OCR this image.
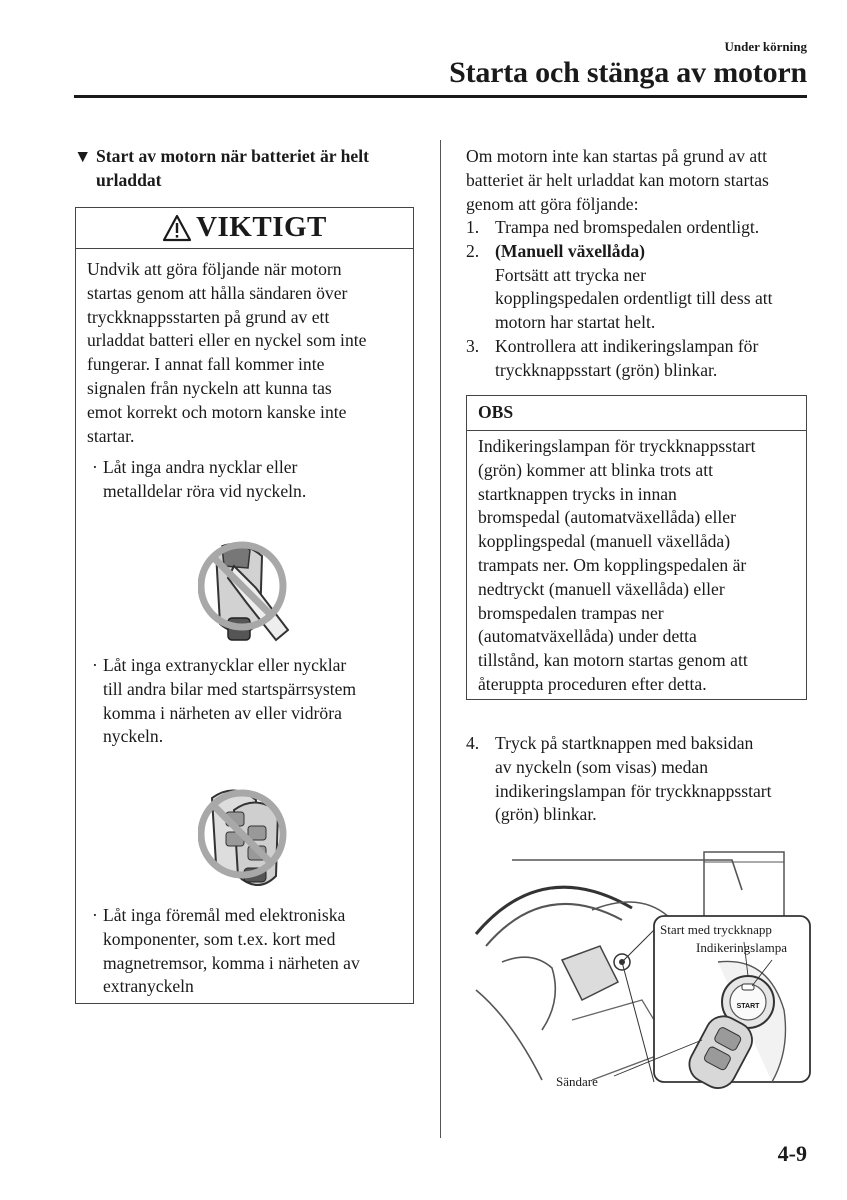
Under körning
Starta och stänga av motorn
▼ Start av motorn när batteriet är helt
urladdat
VIKTIGT
Undvik att göra följande när motorn
startas genom att hålla sändaren över
tryckknappsstarten på grund av ett
urladdat batteri eller en nyckel som inte
fungerar. I annat fall kommer inte
signalen från nyckeln att kunna tas
emot korrekt och motorn kanske inte
startar.
· Låt inga andra nycklar eller
metalldelar röra vid nyckeln.
· Låt inga extranycklar eller nycklar
till andra bilar med startspärrsystem
komma i närheten av eller vidröra
nyckeln.
· Låt inga föremål med elektroniska
komponenter, som t.ex. kort med
magnetremsor, komma i närheten av
extranyckeln
Om motorn inte kan startas på grund av att
batteriet är helt urladdat kan motorn startas
genom att göra följande:
1. Trampa ned bromspedalen ordentligt.
2. (Manuell växellåda)
Fortsätt att trycka ner
kopplingspedalen ordentligt till dess att
motorn har startat helt.
3. Kontrollera att indikeringslampan för
tryckknappsstart (grön) blinkar.
OBS
Indikeringslampan för tryckknappsstart
(grön) kommer att blinka trots att
startknappen trycks in innan
bromspedal (automatväxellåda) eller
kopplingspedal (manuell växellåda)
trampats ner. Om kopplingspedalen är
nedtryckt (manuell växellåda) eller
bromspedalen trampas ner
(automatväxellåda) under detta
tillstånd, kan motorn startas genom att
återuppta proceduren efter detta.
4. Tryck på startknappen med baksidan
av nyckeln (som visas) medan
indikeringslampan för tryckknappsstart
(grön) blinkar.
START
Start med tryckknapp
Indikeringslampa
Sändare
4-9
